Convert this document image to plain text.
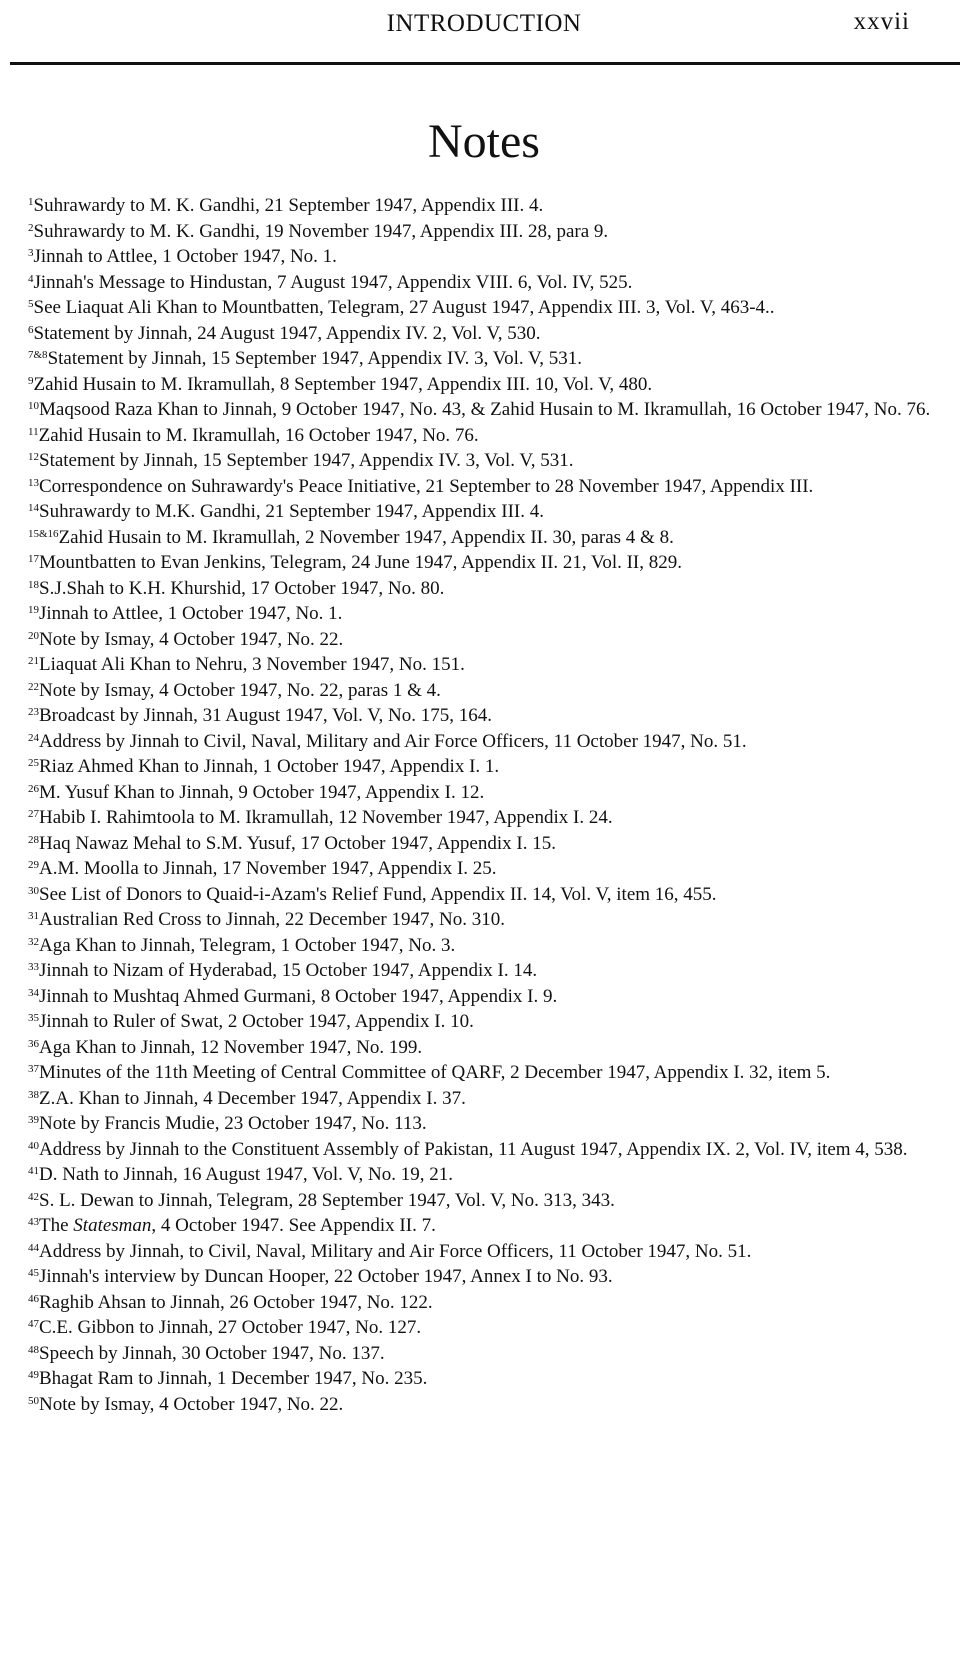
INTRODUCTION	xxvii
Notes
$^1$Suhrawardy to M. K. Gandhi, 21 September 1947, Appendix III. 4.
$^2$Suhrawardy to M. K. Gandhi, 19 November 1947, Appendix III. 28, para 9.
$^3$Jinnah to Attlee, 1 October 1947, No. 1.
$^4$Jinnah's Message to Hindustan, 7 August 1947, Appendix VIII. 6, Vol. IV, 525.
$^5$See Liaquat Ali Khan to Mountbatten, Telegram, 27 August 1947, Appendix III. 3, Vol. V, 463-4..
$^6$Statement by Jinnah, 24 August 1947, Appendix IV. 2, Vol. V, 530.
$^{7\&8}$Statement by Jinnah, 15 September 1947, Appendix IV. 3, Vol. V, 531.
$^9$Zahid Husain to M. Ikramullah, 8 September 1947, Appendix III. 10, Vol. V, 480.
$^{10}$Maqsood Raza Khan to Jinnah, 9 October 1947, No. 43, & Zahid Husain to M. Ikramullah, 16 October 1947, No. 76.
$^{11}$Zahid Husain to M. Ikramullah, 16 October 1947, No. 76.
$^{12}$Statement by Jinnah, 15 September 1947, Appendix IV. 3, Vol. V, 531.
$^{13}$Correspondence on Suhrawardy's Peace Initiative, 21 September to 28 November 1947, Appendix III.
$^{14}$Suhrawardy to M.K. Gandhi, 21 September 1947, Appendix III. 4.
$^{15\&16}$Zahid Husain to M. Ikramullah, 2 November 1947, Appendix II. 30, paras 4 & 8.
$^{17}$Mountbatten to Evan Jenkins, Telegram, 24 June 1947, Appendix II. 21, Vol. II, 829.
$^{18}$S.J.Shah to K.H. Khurshid, 17 October 1947, No. 80.
$^{19}$Jinnah to Attlee, 1 October 1947, No. 1.
$^{20}$Note by Ismay, 4 October 1947, No. 22.
$^{21}$Liaquat Ali Khan to Nehru, 3 November 1947, No. 151.
$^{22}$Note by Ismay, 4 October 1947, No. 22, paras 1 & 4.
$^{23}$Broadcast by Jinnah, 31 August 1947, Vol. V, No. 175, 164.
$^{24}$Address by Jinnah to Civil, Naval, Military and Air Force Officers, 11 October 1947, No. 51.
$^{25}$Riaz Ahmed Khan to Jinnah, 1 October 1947, Appendix I. 1.
$^{26}$M. Yusuf Khan to Jinnah, 9 October 1947, Appendix I. 12.
$^{27}$Habib I. Rahimtoola to M. Ikramullah, 12 November 1947, Appendix I. 24.
$^{28}$Haq Nawaz Mehal to S.M. Yusuf, 17 October 1947, Appendix I. 15.
$^{29}$A.M. Moolla to Jinnah, 17 November 1947, Appendix I. 25.
$^{30}$See List of Donors to Quaid-i-Azam's Relief Fund, Appendix II. 14, Vol. V, item 16, 455.
$^{31}$Australian Red Cross to Jinnah, 22 December 1947, No. 310.
$^{32}$Aga Khan to Jinnah, Telegram, 1 October 1947, No. 3.
$^{33}$Jinnah to Nizam of Hyderabad, 15 October 1947, Appendix I. 14.
$^{34}$Jinnah to Mushtaq Ahmed Gurmani, 8 October 1947, Appendix I. 9.
$^{35}$Jinnah to Ruler of Swat, 2 October 1947, Appendix I. 10.
$^{36}$Aga Khan to Jinnah, 12 November 1947, No. 199.
$^{37}$Minutes of the 11th Meeting of Central Committee of QARF, 2 December 1947, Appendix I. 32, item 5.
$^{38}$Z.A. Khan to Jinnah, 4 December 1947, Appendix I. 37.
$^{39}$Note by Francis Mudie, 23 October 1947, No. 113.
$^{40}$Address by Jinnah to the Constituent Assembly of Pakistan, 11 August 1947, Appendix IX. 2, Vol. IV, item 4, 538.
$^{41}$D. Nath to Jinnah, 16 August 1947, Vol. V, No. 19, 21.
$^{42}$S. L. Dewan to Jinnah, Telegram, 28 September 1947, Vol. V, No. 313, 343.
$^{43}$The Statesman, 4 October 1947. See Appendix II. 7.
$^{44}$Address by Jinnah, to Civil, Naval, Military and Air Force Officers, 11 October 1947, No. 51.
$^{45}$Jinnah's interview by Duncan Hooper, 22 October 1947, Annex I to No. 93.
$^{46}$Raghib Ahsan to Jinnah, 26 October 1947, No. 122.
$^{47}$C.E. Gibbon to Jinnah, 27 October 1947, No. 127.
$^{48}$Speech by Jinnah, 30 October 1947, No. 137.
$^{49}$Bhagat Ram to Jinnah, 1 December 1947, No. 235.
$^{50}$Note by Ismay, 4 October 1947, No. 22.
